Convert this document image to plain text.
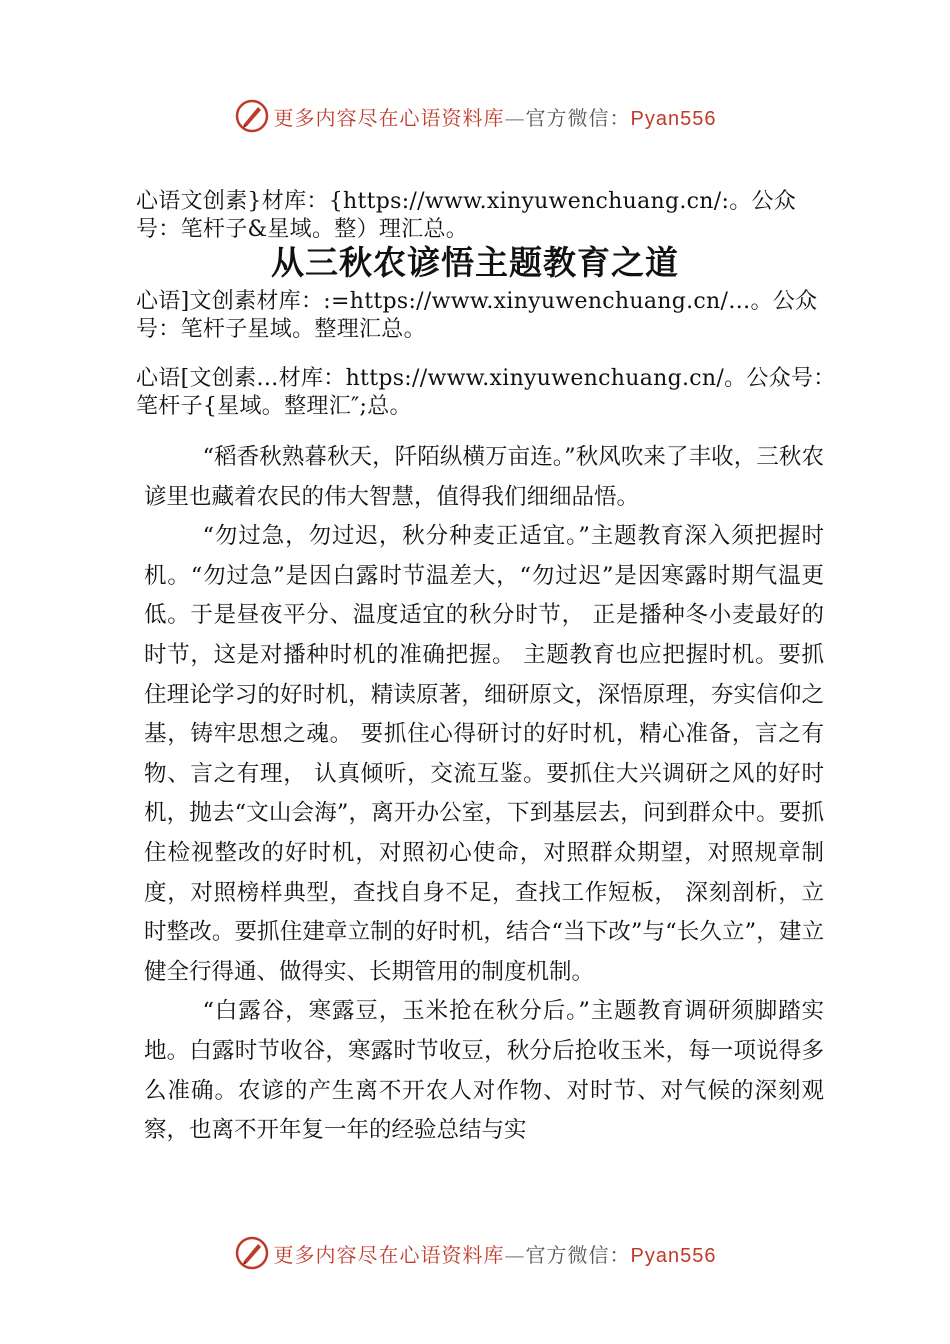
更多内容尽在心语资料库—官方微信：Pyan556
心语文创素}材库：{https://www.xinyuwenchuang.cn/:。公众号：笔杆子&星域。整）理汇总。
从三秋农谚悟主题教育之道
心语]文创素材库：:=https://www.xinyuwenchuang.cn/…。公众号：笔杆子星域。整理汇总。
心语[文创素…材库：https://www.xinyuwenchuang.cn/。公众号：笔杆子{星域。整理汇″;总。

“稻香秋熟暮秋天，阡陌纵横万亩连。”秋风吹来了丰收，三秋农谚里也藏着农民的伟大智慧，值得我们细细品悟。

“勿过急，勿过迟，秋分种麦正适宜。”主题教育深入须把握时机。“勿过急”是因白露时节温差大，“勿过迟”是因寒露时期气温更低。于是昼夜平分、温度适宜的秋分时节， 正是播种冬小麦最好的时节，这是对播种时机的准确把握。 主题教育也应把握时机。要抓住理论学习的好时机，精读原著，细研原文，深悟原理，夯实信仰之基，铸牢思想之魂。 要抓住心得研讨的好时机，精心准备，言之有物、言之有理， 认真倾听，交流互鉴。要抓住大兴调研之风的好时机，抛去“文山会海”，离开办公室，下到基层去，问到群众中。要抓住检视整改的好时机，对照初心使命，对照群众期望，对照规章制度，对照榜样典型，查找自身不足，查找工作短板， 深刻剖析，立时整改。要抓住建章立制的好时机，结合“当下改”与“长久立”，建立健全行得通、做得实、长期管用的制度机制。

“白露谷，寒露豆，玉米抢在秋分后。”主题教育调研须脚踏实地。白露时节收谷，寒露时节收豆，秋分后抢收玉米，每一项说得多么准确。农谚的产生离不开农人对作物、对时节、对气候的深刻观察，也离不开年复一年的经验总结与实

更多内容尽在心语资料库—官方微信：Pyan556
